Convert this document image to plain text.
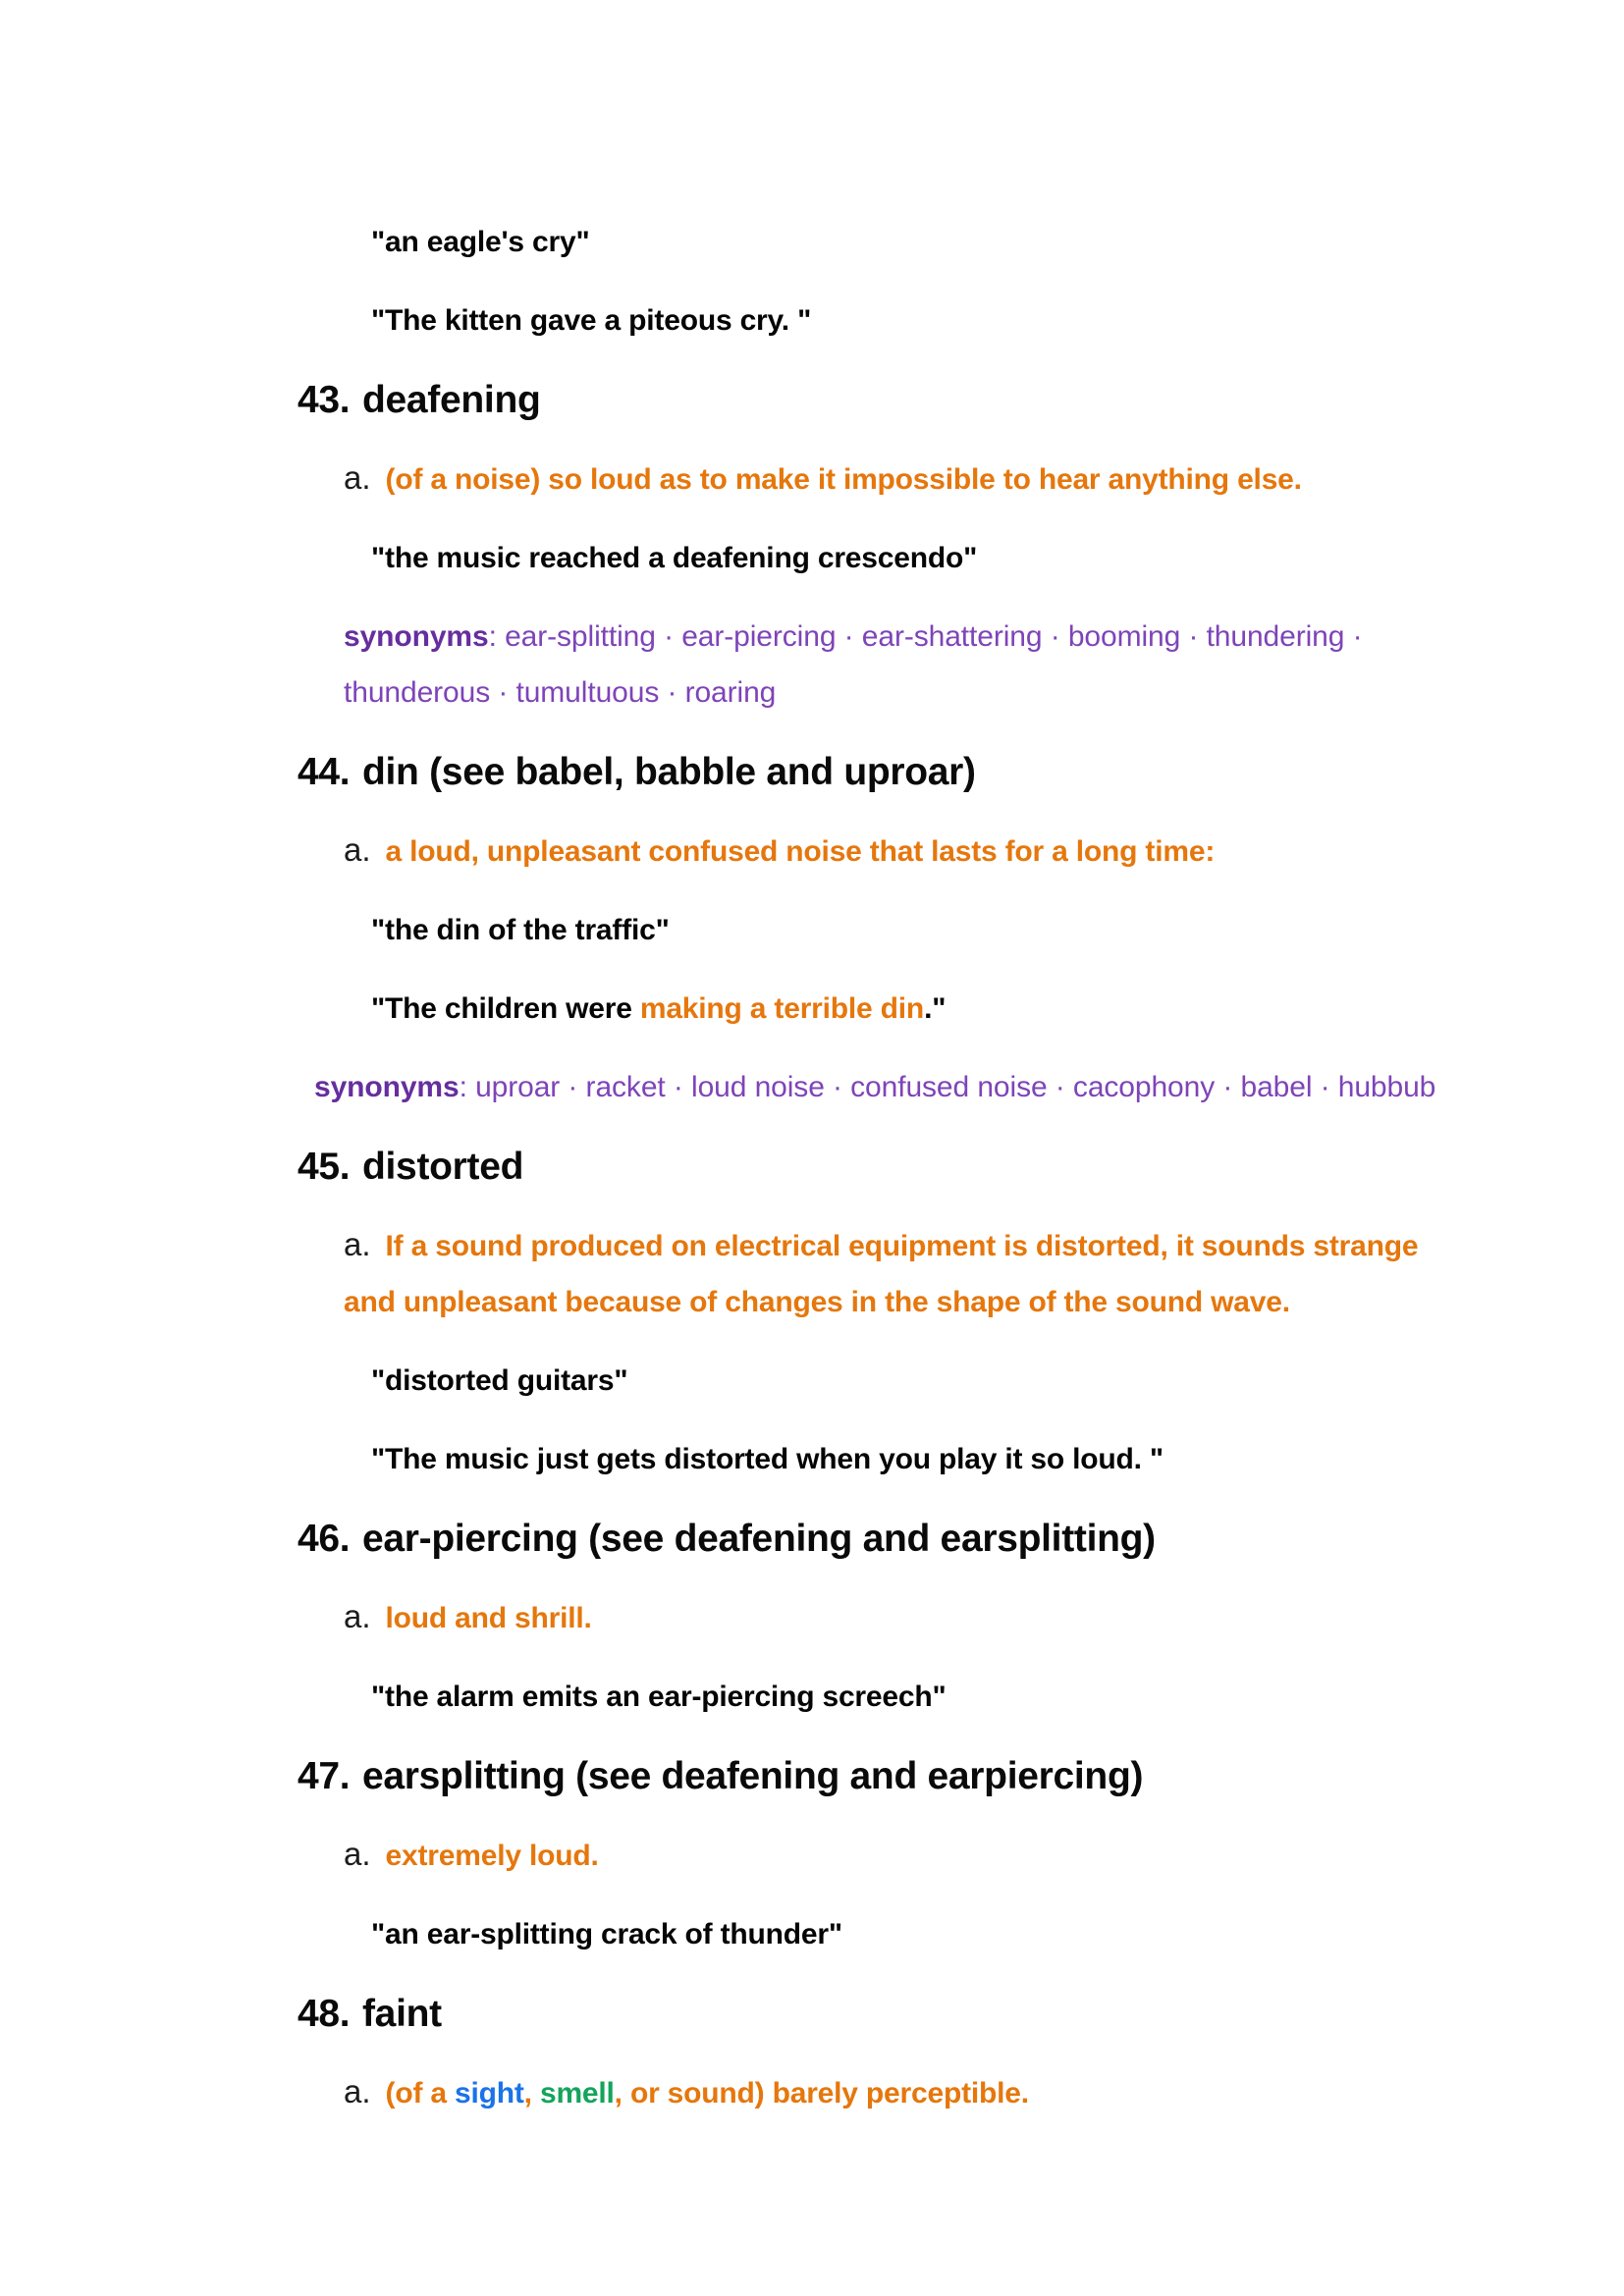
"an eagle's cry"

"The kitten gave a piteous cry. "

43. deafening

a. (of a noise) so loud as to make it impossible to hear anything else.

"the music reached a deafening crescendo"

synonyms: ear-splitting · ear-piercing · ear-shattering · booming · thundering ·
thunderous · tumultuous · roaring

44. din (see babel, babble and uproar)

a. a loud, unpleasant confused noise that lasts for a long time:

"the din of the traffic"

"The children were making a terrible din."

synonyms: uproar · racket · loud noise · confused noise · cacophony · babel · hubbub

45. distorted

a. If a sound produced on electrical equipment is distorted, it sounds strange
and unpleasant because of changes in the shape of the sound wave.

"distorted guitars"

"The music just gets distorted when you play it so loud. "

46. ear-piercing (see deafening and earsplitting)

a. loud and shrill.

"the alarm emits an ear-piercing screech"

47. earsplitting (see deafening and earpiercing)

a. extremely loud.

"an ear-splitting crack of thunder"

48. faint

a. (of a sight, smell, or sound) barely perceptible.
